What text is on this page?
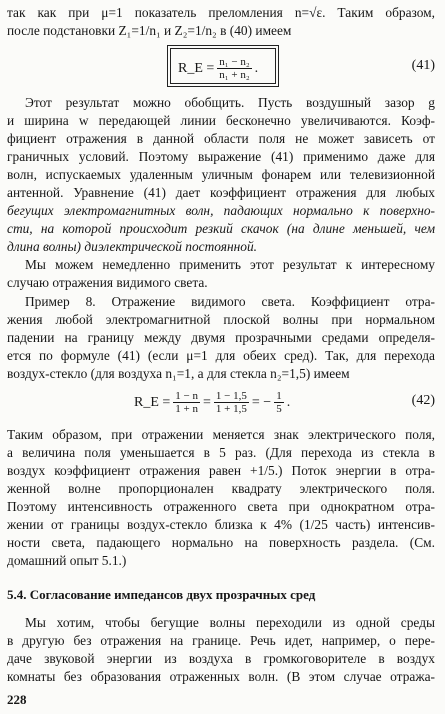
так как при μ=1 показатель преломления n=√ε. Таким образом,
после подстановки Z₁=1/n₁ и Z₂=1/n₂ в (40) имеем
R_E = $\frac{\text{n₁ − n₂}}{\text{n₁ + n₂}}$ .	(41)
Этот результат можно обобщить. Пусть воздушный зазор g
и ширина w передающей линии бесконечно увеличиваются. Коэф-
фициент отражения в данной области поля не может зависеть от
граничных условий. Поэтому выражение (41) применимо даже для
волн, испускаемых удаленным уличным фонарем или телевизионной
антенной. Уравнение (41) дает коэффициент отражения для любых
бегущих электромагнитных волн, падающих нормально к поверхно-
сти, на которой происходит резкий скачок (на длине меньшей, чем
длина волны) диэлектрической постоянной.
Мы можем немедленно применить этот результат к интересному
случаю отражения видимого света.
Пример 8. Отражение видимого света. Коэффициент отра-
жения любой электромагнитной плоской волны при нормальном
падении на границу между двумя прозрачными средами определя-
ется по формуле (41) (если μ=1 для обеих сред). Так, для перехода
воздух-стекло (для воздуха n₁=1, а для стекла n₂=1,5) имеем
R_E = $\frac{1 - n}{1 + n} = \frac{1 - 1,5}{1 + 1,5}$ = − $\frac{1}{5}$ .	(42)
Таким образом, при отражении меняется знак электрического поля,
а величина поля уменьшается в 5 раз. (Для перехода из стекла в
воздух коэффициент отражения равен +1/5.) Поток энергии в отра-
женной волне пропорционален квадрату электрического поля.
Поэтому интенсивность отраженного света при однократном отра-
жении от границы воздух-стекло близка к 4% (1/25 часть) интенсив-
ности света, падающего нормально на поверхность раздела. (См.
домашний опыт 5.1.)
5.4. Согласование импедансов двух прозрачных сред
Мы хотим, чтобы бегущие волны переходили из одной среды
в другую без отражения на границе. Речь идет, например, о пере-
даче звуковой энергии из воздуха в громкоговорителе в воздух
комнаты без образования отраженных волн. (В этом случае отража-
228
